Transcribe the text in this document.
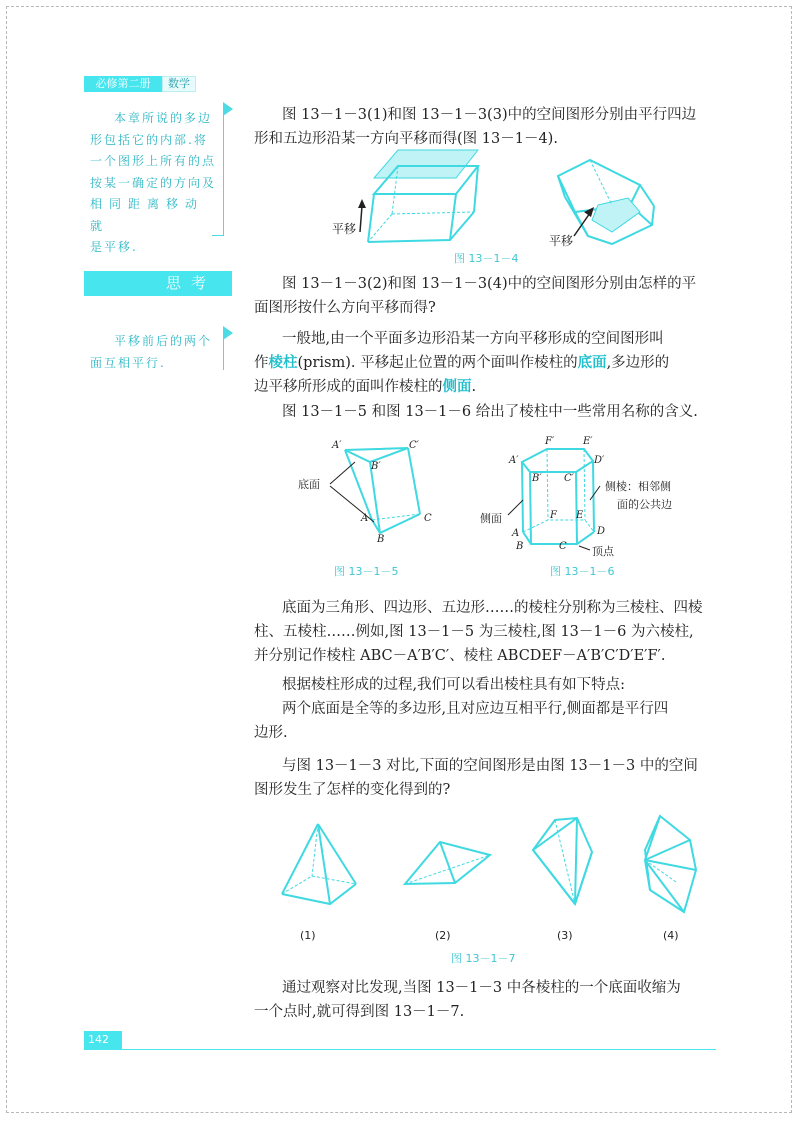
必修第二册	数学
本章所说的多边
形包括它的内部.将
一个图形上所有的点
按某一确定的方向及
相同距离移动就
是平移.
思考
平移前后的两个
面互相平行.
图 13－1－3(1)和图 13－1－3(3)中的空间图形分别由平行四边
形和五边形沿某一方向平移而得(图 13－1－4).
平移
平移
图 13－1－4
图 13－1－3(2)和图 13－1－3(4)中的空间图形分别由怎样的平
面图形按什么方向平移而得?
一般地,由一个平面多边形沿某一方向平移形成的空间图形叫
作棱柱(prism). 平移起止位置的两个面叫作棱柱的底面,多边形的
边平移所形成的面叫作棱柱的侧面.
图 13－1－5 和图 13－1－6 给出了棱柱中一些常用名称的含义.
底面
A′	C′
B′
A	C
B
图 13－1－5
F′	E′
A′	D′
B′ C′
F E
A	D
B	C
侧面
侧棱：相邻侧
面的公共边
顶点
图 13－1－6
底面为三角形、四边形、五边形……的棱柱分别称为三棱柱、四棱
柱、五棱柱……例如,图 13－1－5 为三棱柱,图 13－1－6 为六棱柱,
并分别记作棱柱 ABC－A′B′C′、棱柱 ABCDEF－A′B′C′D′E′F′.
根据棱柱形成的过程,我们可以看出棱柱具有如下特点:
两个底面是全等的多边形,且对应边互相平行,侧面都是平行四
边形.
与图 13－1－3 对比,下面的空间图形是由图 13－1－3 中的空间
图形发生了怎样的变化得到的?
(1)	(2)	(3)	(4)
图 13－1－7
通过观察对比发现,当图 13－1－3 中各棱柱的一个底面收缩为
一个点时,就可得到图 13－1－7.
142
